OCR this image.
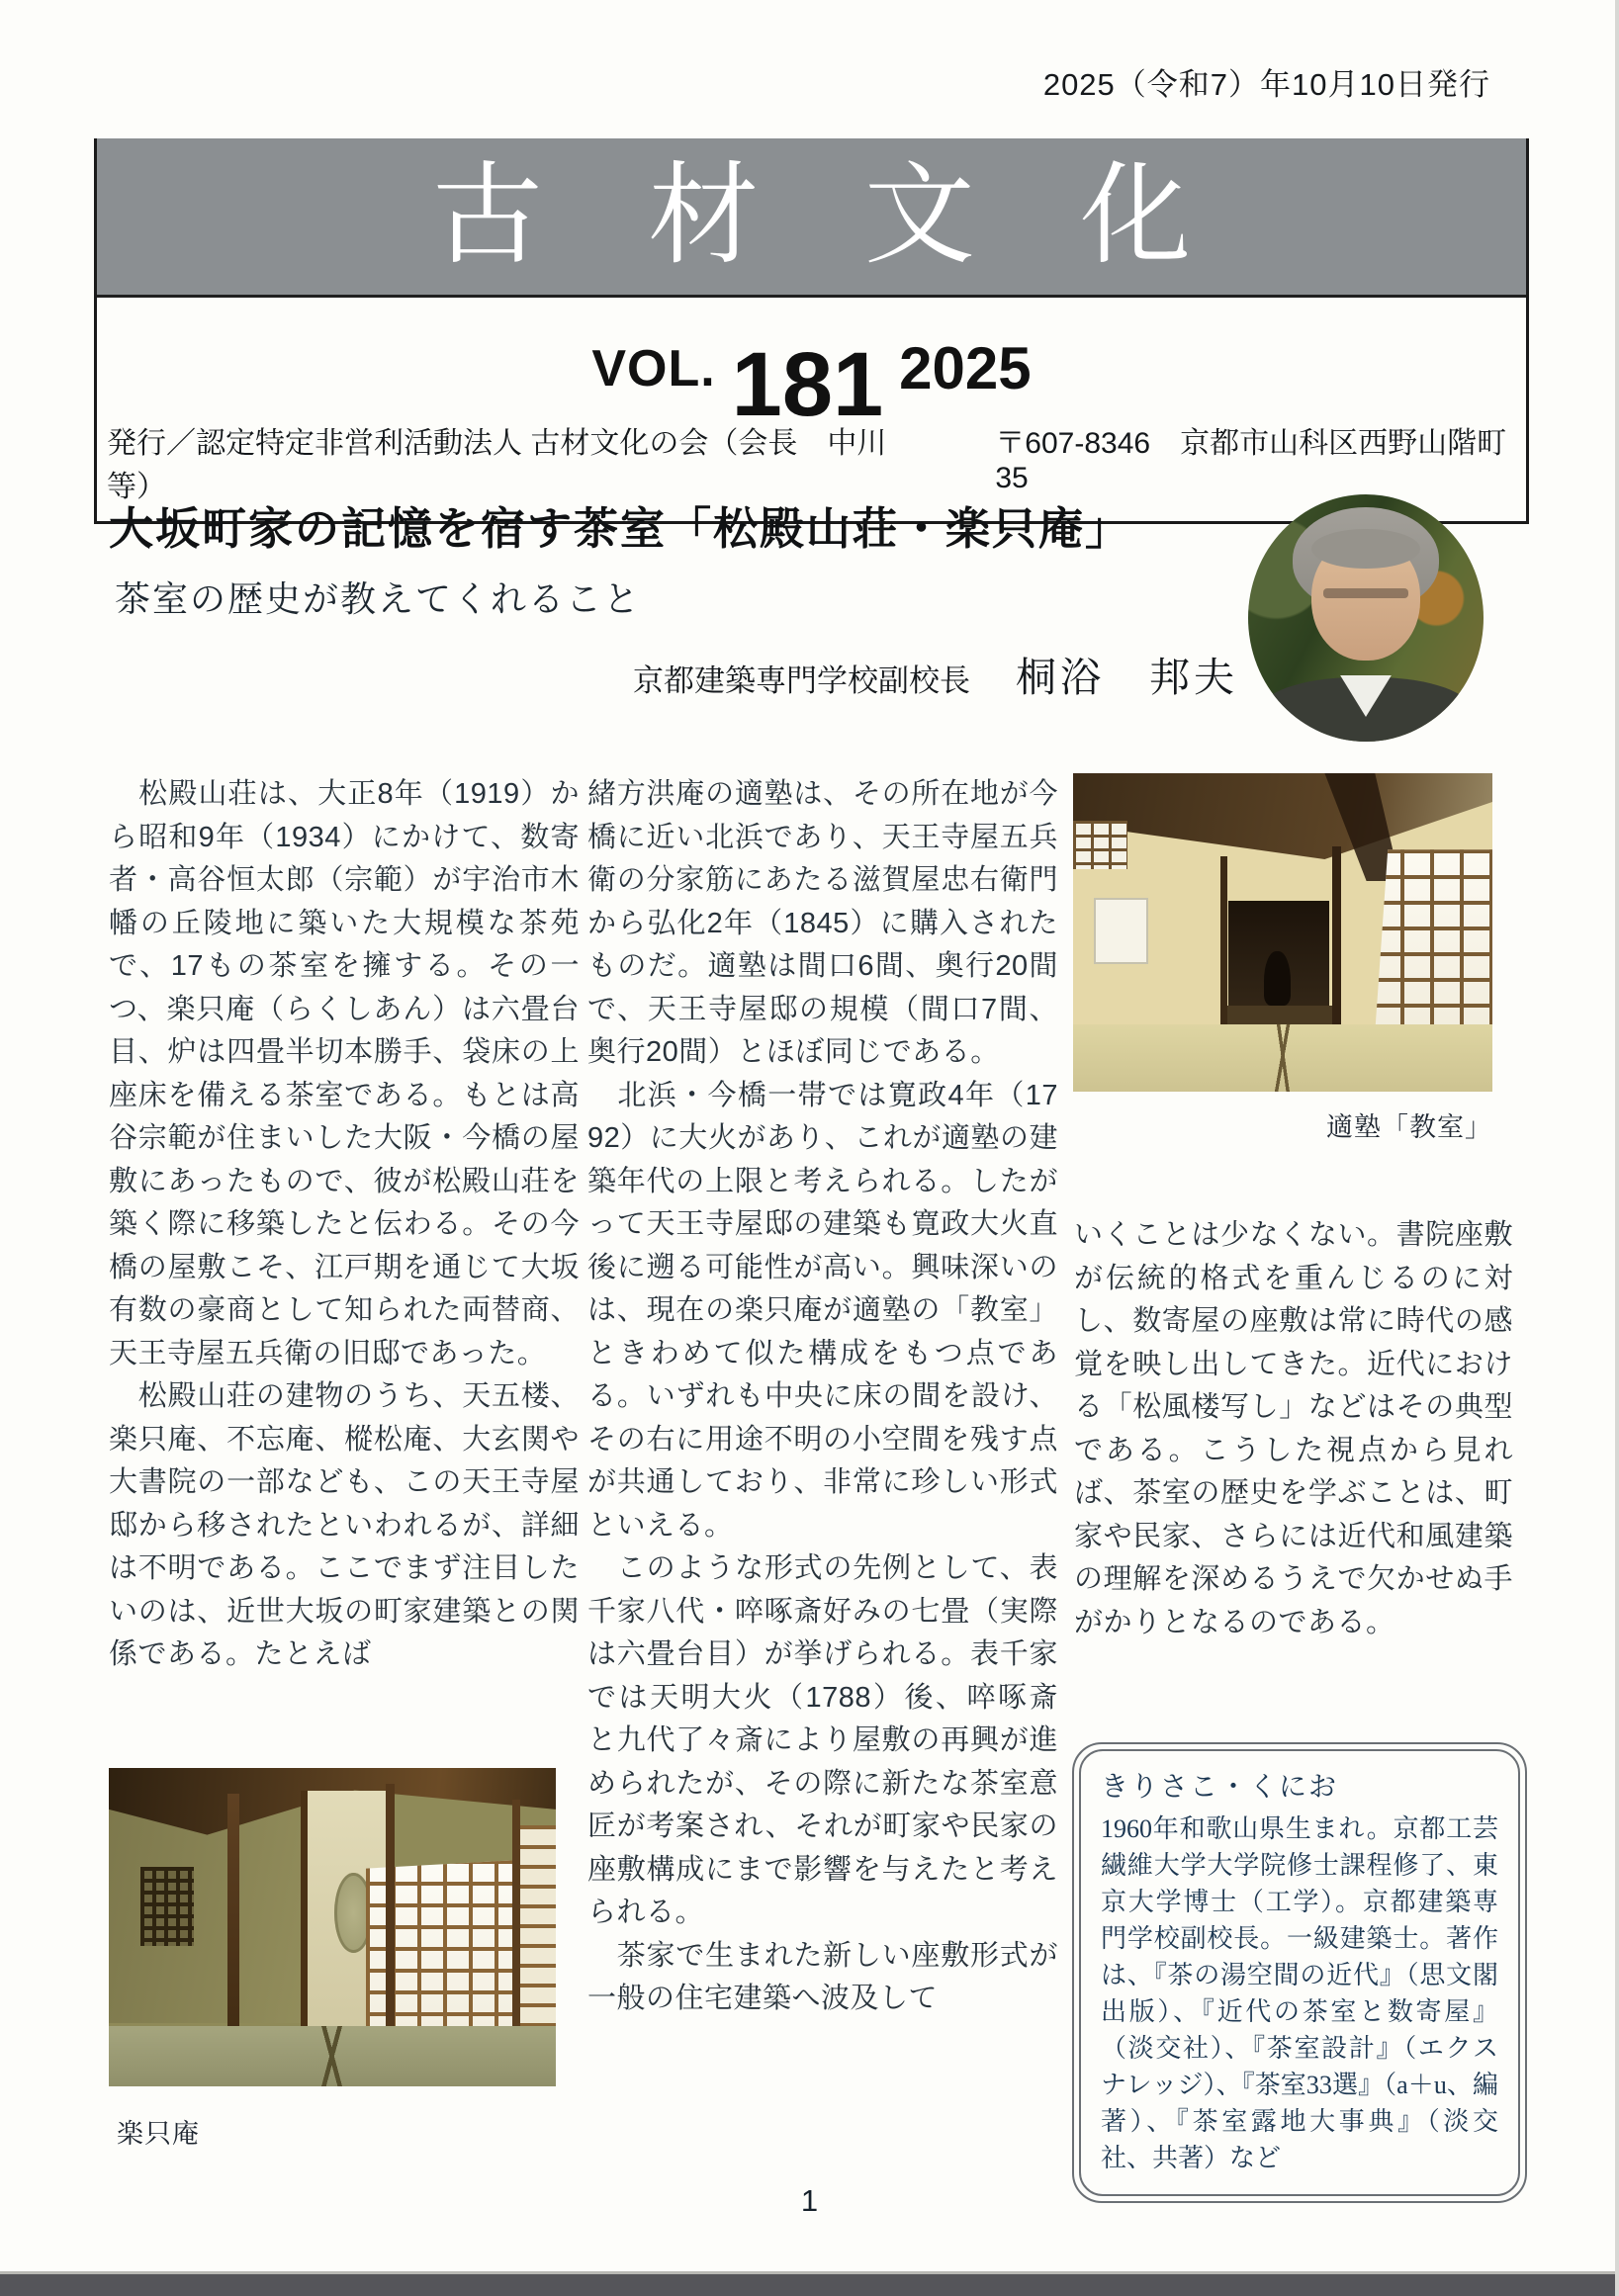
2025（令和7）年10月10日発行
古材文化
VOL. 181 2025
発行／認定特定非営利活動法人 古材文化の会（会長　中川　等）
〒607-8346　京都市山科区西野山階町 35
大坂町家の記憶を宿す茶室「松殿山荘・楽只庵」
茶室の歴史が教えてくれること
京都建築専門学校副校長 桐浴　邦夫

　松殿山荘は、大正8年（1919）から昭和9年（1934）にかけて、数寄者・高谷恒太郎（宗範）が宇治市木幡の丘陵地に築いた大規模な茶苑で、17もの茶室を擁する。その一つ、楽只庵（らくしあん）は六畳台目、炉は四畳半切本勝手、袋床の上座床を備える茶室である。もとは高谷宗範が住まいした大阪・今橋の屋敷にあったもので、彼が松殿山荘を築く際に移築したと伝わる。その今橋の屋敷こそ、江戸期を通じて大坂有数の豪商として知られた両替商、天王寺屋五兵衛の旧邸であった。

　松殿山荘の建物のうち、天五楼、楽只庵、不忘庵、樅松庵、大玄関や大書院の一部なども、この天王寺屋邸から移されたといわれるが、詳細は不明である。ここでまず注目したいのは、近世大坂の町家建築との関係である。たとえば

緒方洪庵の適塾は、その所在地が今橋に近い北浜であり、天王寺屋五兵衛の分家筋にあたる滋賀屋忠右衛門から弘化2年（1845）に購入されたものだ。適塾は間口6間、奥行20間で、天王寺屋邸の規模（間口7間、奥行20間）とほぼ同じである。

　北浜・今橋一帯では寛政4年（1792）に大火があり、これが適塾の建築年代の上限と考えられる。したがって天王寺屋邸の建築も寛政大火直後に遡る可能性が高い。興味深いのは、現在の楽只庵が適塾の「教室」ときわめて似た構成をもつ点である。いずれも中央に床の間を設け、その右に用途不明の小空間を残す点が共通しており、非常に珍しい形式といえる。

　このような形式の先例として、表千家八代・啐啄斎好みの七畳（実際は六畳台目）が挙げられる。表千家では天明大火（1788）後、啐啄斎と九代了々斎により屋敷の再興が進められたが、その際に新たな茶室意匠が考案され、それが町家や民家の座敷構成にまで影響を与えたと考えられる。

　茶家で生まれた新しい座敷形式が一般の住宅建築へ波及して

いくことは少なくない。書院座敷が伝統的格式を重んじるのに対し、数寄屋の座敷は常に時代の感覚を映し出してきた。近代における「松風楼写し」などはその典型である。こうした視点から見れば、茶室の歴史を学ぶことは、町家や民家、さらには近代和風建築の理解を深めるうえで欠かせぬ手がかりとなるのである。

適塾「教室」
楽只庵
きりさこ・くにお
1960年和歌山県生まれ。京都工芸繊維大学大学院修士課程修了、東京大学博士（工学）。京都建築専門学校副校長。一級建築士。著作は、『茶の湯空間の近代』（思文閣出版）、『近代の茶室と数寄屋』（淡交社）、『茶室設計』（エクスナレッジ）、『茶室33選』（a＋u、編著）、『茶室露地大事典』（淡交社、共著）など
1
